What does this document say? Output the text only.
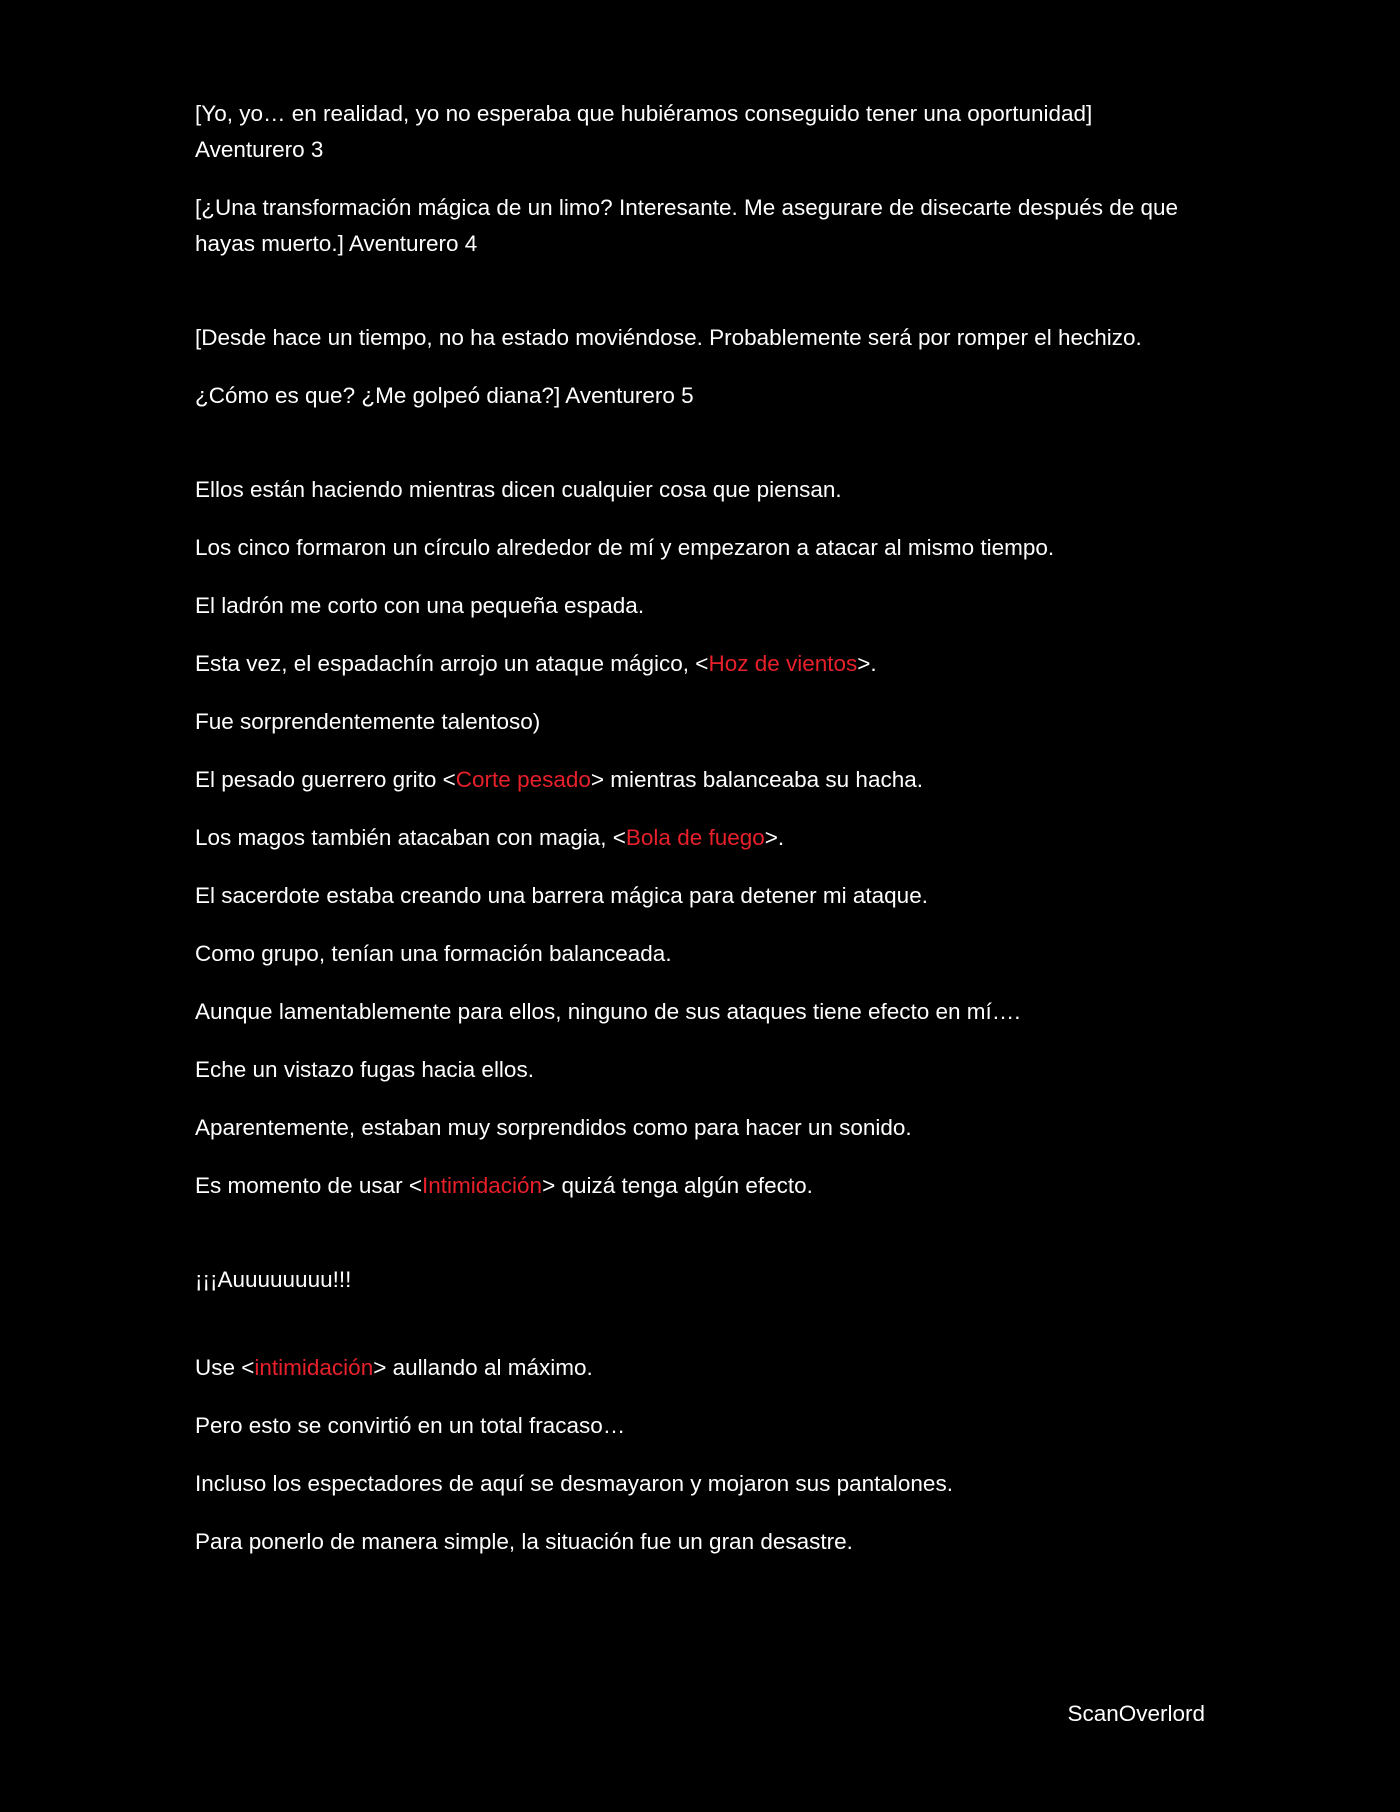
[Yo, yo… en realidad, yo no esperaba que hubiéramos conseguido tener una oportunidad]
Aventurero 3
[¿Una transformación mágica de un limo? Interesante. Me asegurare de disecarte después de que hayas muerto.] Aventurero 4
[Desde hace un tiempo, no ha estado moviéndose. Probablemente será por romper el hechizo.
¿Cómo es que? ¿Me golpeó diana?] Aventurero 5
Ellos están haciendo mientras dicen cualquier cosa que piensan.
Los cinco formaron un círculo alrededor de mí y empezaron a atacar al mismo tiempo.
El ladrón me corto con una pequeña espada.
Esta vez, el espadachín arrojo un ataque mágico, <Hoz de vientos>.
Fue sorprendentemente talentoso)
El pesado guerrero grito <Corte pesado> mientras balanceaba su hacha.
Los magos también atacaban con magia, <Bola de fuego>.
El sacerdote estaba creando una barrera mágica para detener mi ataque.
Como grupo, tenían una formación balanceada.
Aunque lamentablemente para ellos, ninguno de sus ataques tiene efecto en mí….
Eche un vistazo fugas hacia ellos.
Aparentemente, estaban muy sorprendidos como para hacer un sonido.
Es momento de usar <Intimidación> quizá tenga algún efecto.
¡¡¡Auuuuuuuu!!!
Use <intimidación> aullando al máximo.
Pero esto se convirtió en un total fracaso…
Incluso los espectadores de aquí se desmayaron y mojaron sus pantalones.
Para ponerlo de manera simple, la situación fue un gran desastre.
ScanOverlord
